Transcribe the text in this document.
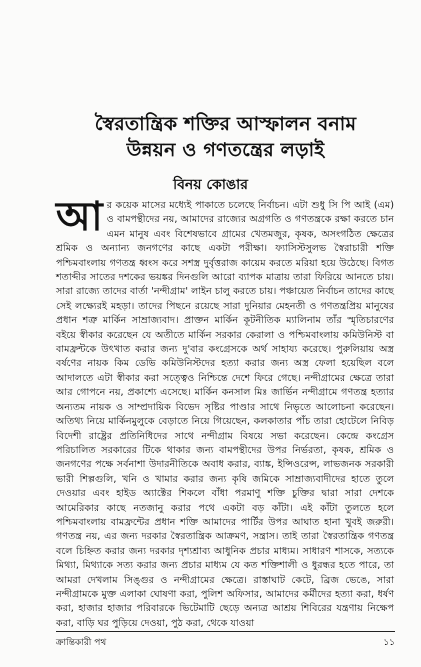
স্বৈরতান্ত্রিক শক্তির আস্ফালন বনাম
উন্নয়ন ও গণতন্ত্রের লড়াই
বিনয় কোঙার
আ র কয়েক মাসের মধ্যেই পাকাতে চলেছে নির্বাচন। এটা শুধু সি পি আই (এম) ও বামপন্থীদের নয়, আমাদের রাজ্যের অগ্রগতি ও গণতন্ত্রকে রক্ষা করতে চান এমন মানুষ এবং বিশেষভাবে গ্রামের খেতমজুর, কৃষক, অসংগঠিত ক্ষেত্রের শ্রমিক ও অন্যান্য জনগণের কাছে একটা পরীক্ষা। ফ্যাসিস্টসুলভ স্বৈরাচারী শক্তি পশ্চিমবাংলায় গণতন্ত্র ধ্বংস করে সশস্ত্র দুর্বৃত্তরাজ কায়েম করতে মরিয়া হয়ে উঠেছে। বিগত শতাব্দীর সাতের দশকের ভয়ঙ্কর দিনগুলি আরো ব্যাপক মাত্রায় তারা ফিরিয়ে আনতে চায়। সারা রাজ্যে তাদের বার্তা 'নন্দীগ্রাম' লাইন চালু করতে চায়। পঞ্চায়েত নির্বাচন তাদের কাছে সেই লক্ষ্যেরই মহড়া। তাদের পিছনে রয়েছে সারা দুনিয়ার মেহনতী ও গণতন্ত্রপ্রিয় মানুষের প্রধান শত্রু মার্কিন সাম্রাজ্যবাদ। প্রাক্তন মার্কিন কূটনীতিক ম্যালিনাম তাঁর স্মৃতিচারণের বইয়ে স্বীকার করেছেন যে অতীতে মার্কিন সরকার কেরালা ও পশ্চিমবাংলায় কমিউনিস্ট বা বামফ্রন্টকে উৎখাত করার জন্য দু'বার কংগ্রেসকে অর্থ সাহায্য করেছে। পুরুলিয়ায় অস্ত্র বর্ষণের নায়ক কিম ডেভি কমিউনিস্টদের হত্যা করার জন্য অস্ত্র ফেলা হয়েছিল বলে আদালতে এটা স্বীকার করা সত্ত্বেও নিশ্চিন্তে দেশে ফিরে গেছে। নন্দীগ্রামের ক্ষেত্রে তারা আর গোপনে নয়, প্রকাশ্যে এসেছে। মার্কিন কনসাল মিঃ জার্ভিন নন্দীগ্রামে গণতন্ত্র হত্যার অন্যতম নায়ক ও সাম্প্রদায়িক বিভেদ সৃষ্টির পাণ্ডার সাথে নিভৃতে আলোচনা করেছেন। অতিথ্য নিয়ে মার্কিনমুলুকে বেড়াতে নিয়ে গিয়েছেন, কলকাতার পাঁচ তারা হোটেলে নিবিড় বিদেশী রাষ্ট্রের প্রতিনিধিদের সাথে নন্দীগ্রাম বিষয়ে সভা করেছেন। কেন্দ্রে কংগ্রেস পরিচালিত সরকারের টিকে থাকার জন্য বামপন্থীদের উপর নির্ভরতা, কৃষক, শ্রমিক ও জনগণের পক্ষে সর্বনাশা উদারনীতিকে অবাধ করার, ব্যাঙ্ক, ইন্সিওরেন্স, লাভজনক সরকারী ভারী শিল্পগুলি, খনি ও খামার করার জন্য কৃষি জমিকে সাম্রাজ্যবাদীদের হাতে তুলে দেওয়ার এবং হাইড অ্যাক্টের শিকলে বাঁধা পরমাণু শক্তি চুক্তির দ্বারা সারা দেশকে আমেরিকার কাছে নতজানু করার পথে একটা বড় কাঁটা। এই কাঁটা তুলতে হলে পশ্চিমবাংলায় বামফ্রন্টের প্রধান শক্তি আমাদের পার্টির উপর আঘাত হানা খুবই জরুরী। গণতন্ত্র নয়, এর জন্য দরকার স্বৈরতান্ত্রিক আক্রমণ, সন্ত্রাস। তাই তারা স্বৈরতান্ত্রিক গণতন্ত্র বলে চিহ্নিত করার জন্য দরকার দৃশ্যশ্রাব্য আধুনিক প্রচার মাধ্যম। সাধারণ শাসকে, সত্যকে মিথ্যা, মিথ্যাকে সত্য করার জন্য প্রচার মাধ্যম যে কত শক্তিশালী ও ধুরন্ধর হতে পারে, তা আমরা দেখলাম সিঙ্গুর ও নন্দীগ্রামের ক্ষেত্রে। রাস্তাঘাট কেটে, ব্রিজ ভেঙে, সারা নন্দীগ্রামকে মুক্ত এলাকা ঘোষণা করা, পুলিশ অফিসার, আমাদের কর্মীদের হত্যা করা, ধর্ষণ করা, হাজার হাজার পরিবারকে ভিটেমাটি ছেড়ে অন্যত্র আশ্রয় শিবিরের যন্ত্রণায় নিক্ষেপ করা, বাড়ি ঘর পুড়িয়ে দেওয়া, পুঠ করা, থেকে যাওয়া
ক্রান্তিকারী পথ	১১
